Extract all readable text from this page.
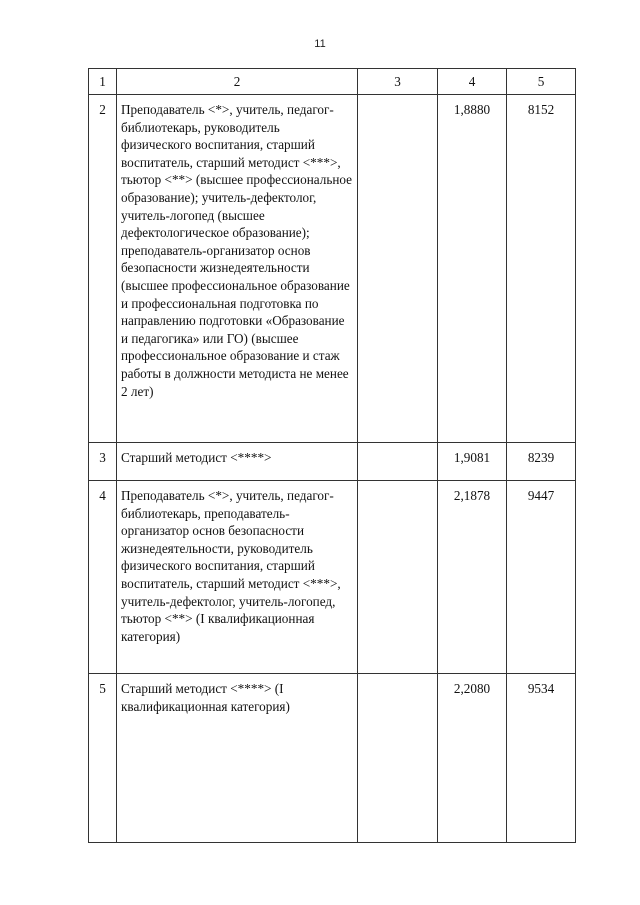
11
1	2	3	4	5
2	Преподаватель <*>, учитель, педагог-библиотекарь, руководитель физического воспитания, старший воспитатель, старший методист <***>, тьютор <**> (высшее профессиональное образование); учитель-дефектолог, учитель-логопед (высшее дефектологическое образование); преподаватель-организатор основ безопасности жизнедеятельности (высшее профессиональное образование и профессиональная подготовка по направлению подготовки «Образование и педагогика» или ГО) (высшее профессиональное образование и стаж работы в должности методиста не менее 2 лет)		1,8880	8152
3	Старший методист <****>		1,9081	8239
4	Преподаватель <*>, учитель, педагог-библиотекарь, преподаватель-организатор основ безопасности жизнедеятельности, руководитель физического воспитания, старший воспитатель, старший методист <***>, учитель-дефектолог, учитель-логопед, тьютор <**> (I квалификационная категория)		2,1878	9447
5	Старший методист <****> (I квалификационная категория)		2,2080	9534
